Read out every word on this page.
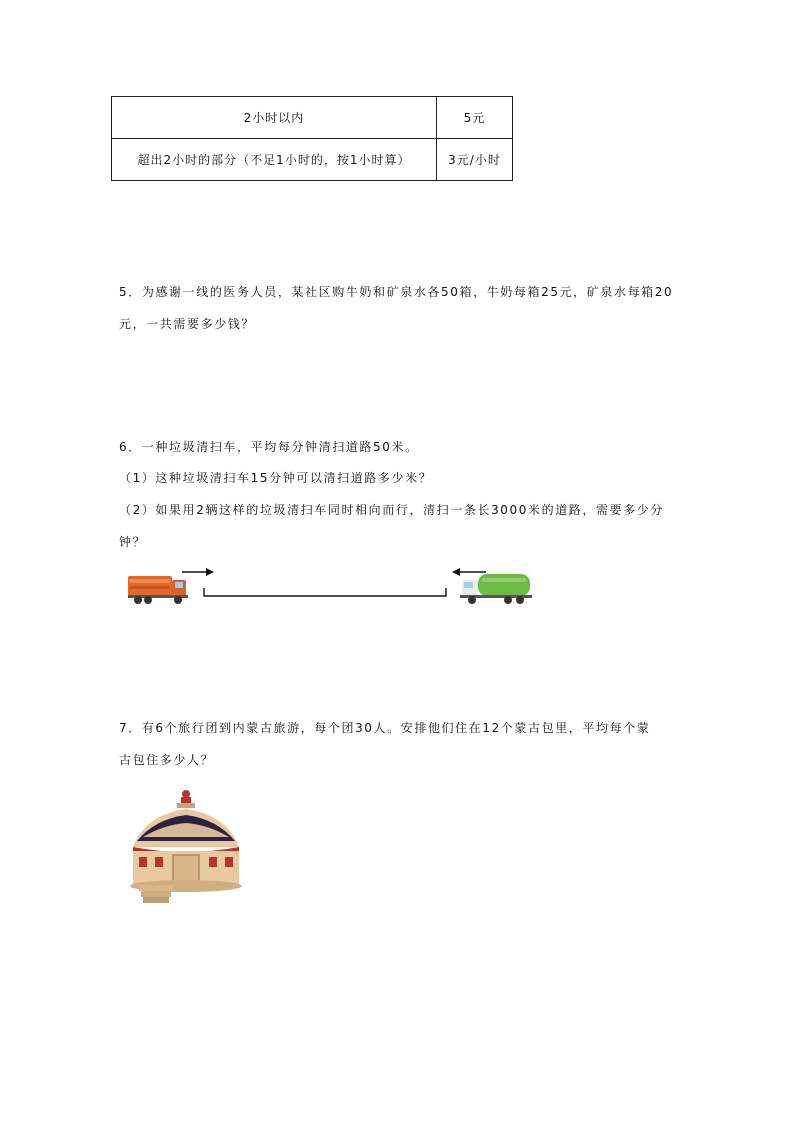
2小时以内	5元
超出2小时的部分（不足1小时的，按1小时算）	3元/小时
5．为感谢一线的医务人员，某社区购牛奶和矿泉水各50箱，牛奶每箱25元，矿泉水每箱20
元，一共需要多少钱？
6．一种垃圾清扫车，平均每分钟清扫道路50米。
（1）这种垃圾清扫车15分钟可以清扫道路多少米？
（2）如果用2辆这样的垃圾清扫车同时相向而行，清扫一条长3000米的道路，需要多少分
钟？
7．有6个旅行团到内蒙古旅游，每个团30人。安排他们住在12个蒙古包里，平均每个蒙
古包住多少人？
